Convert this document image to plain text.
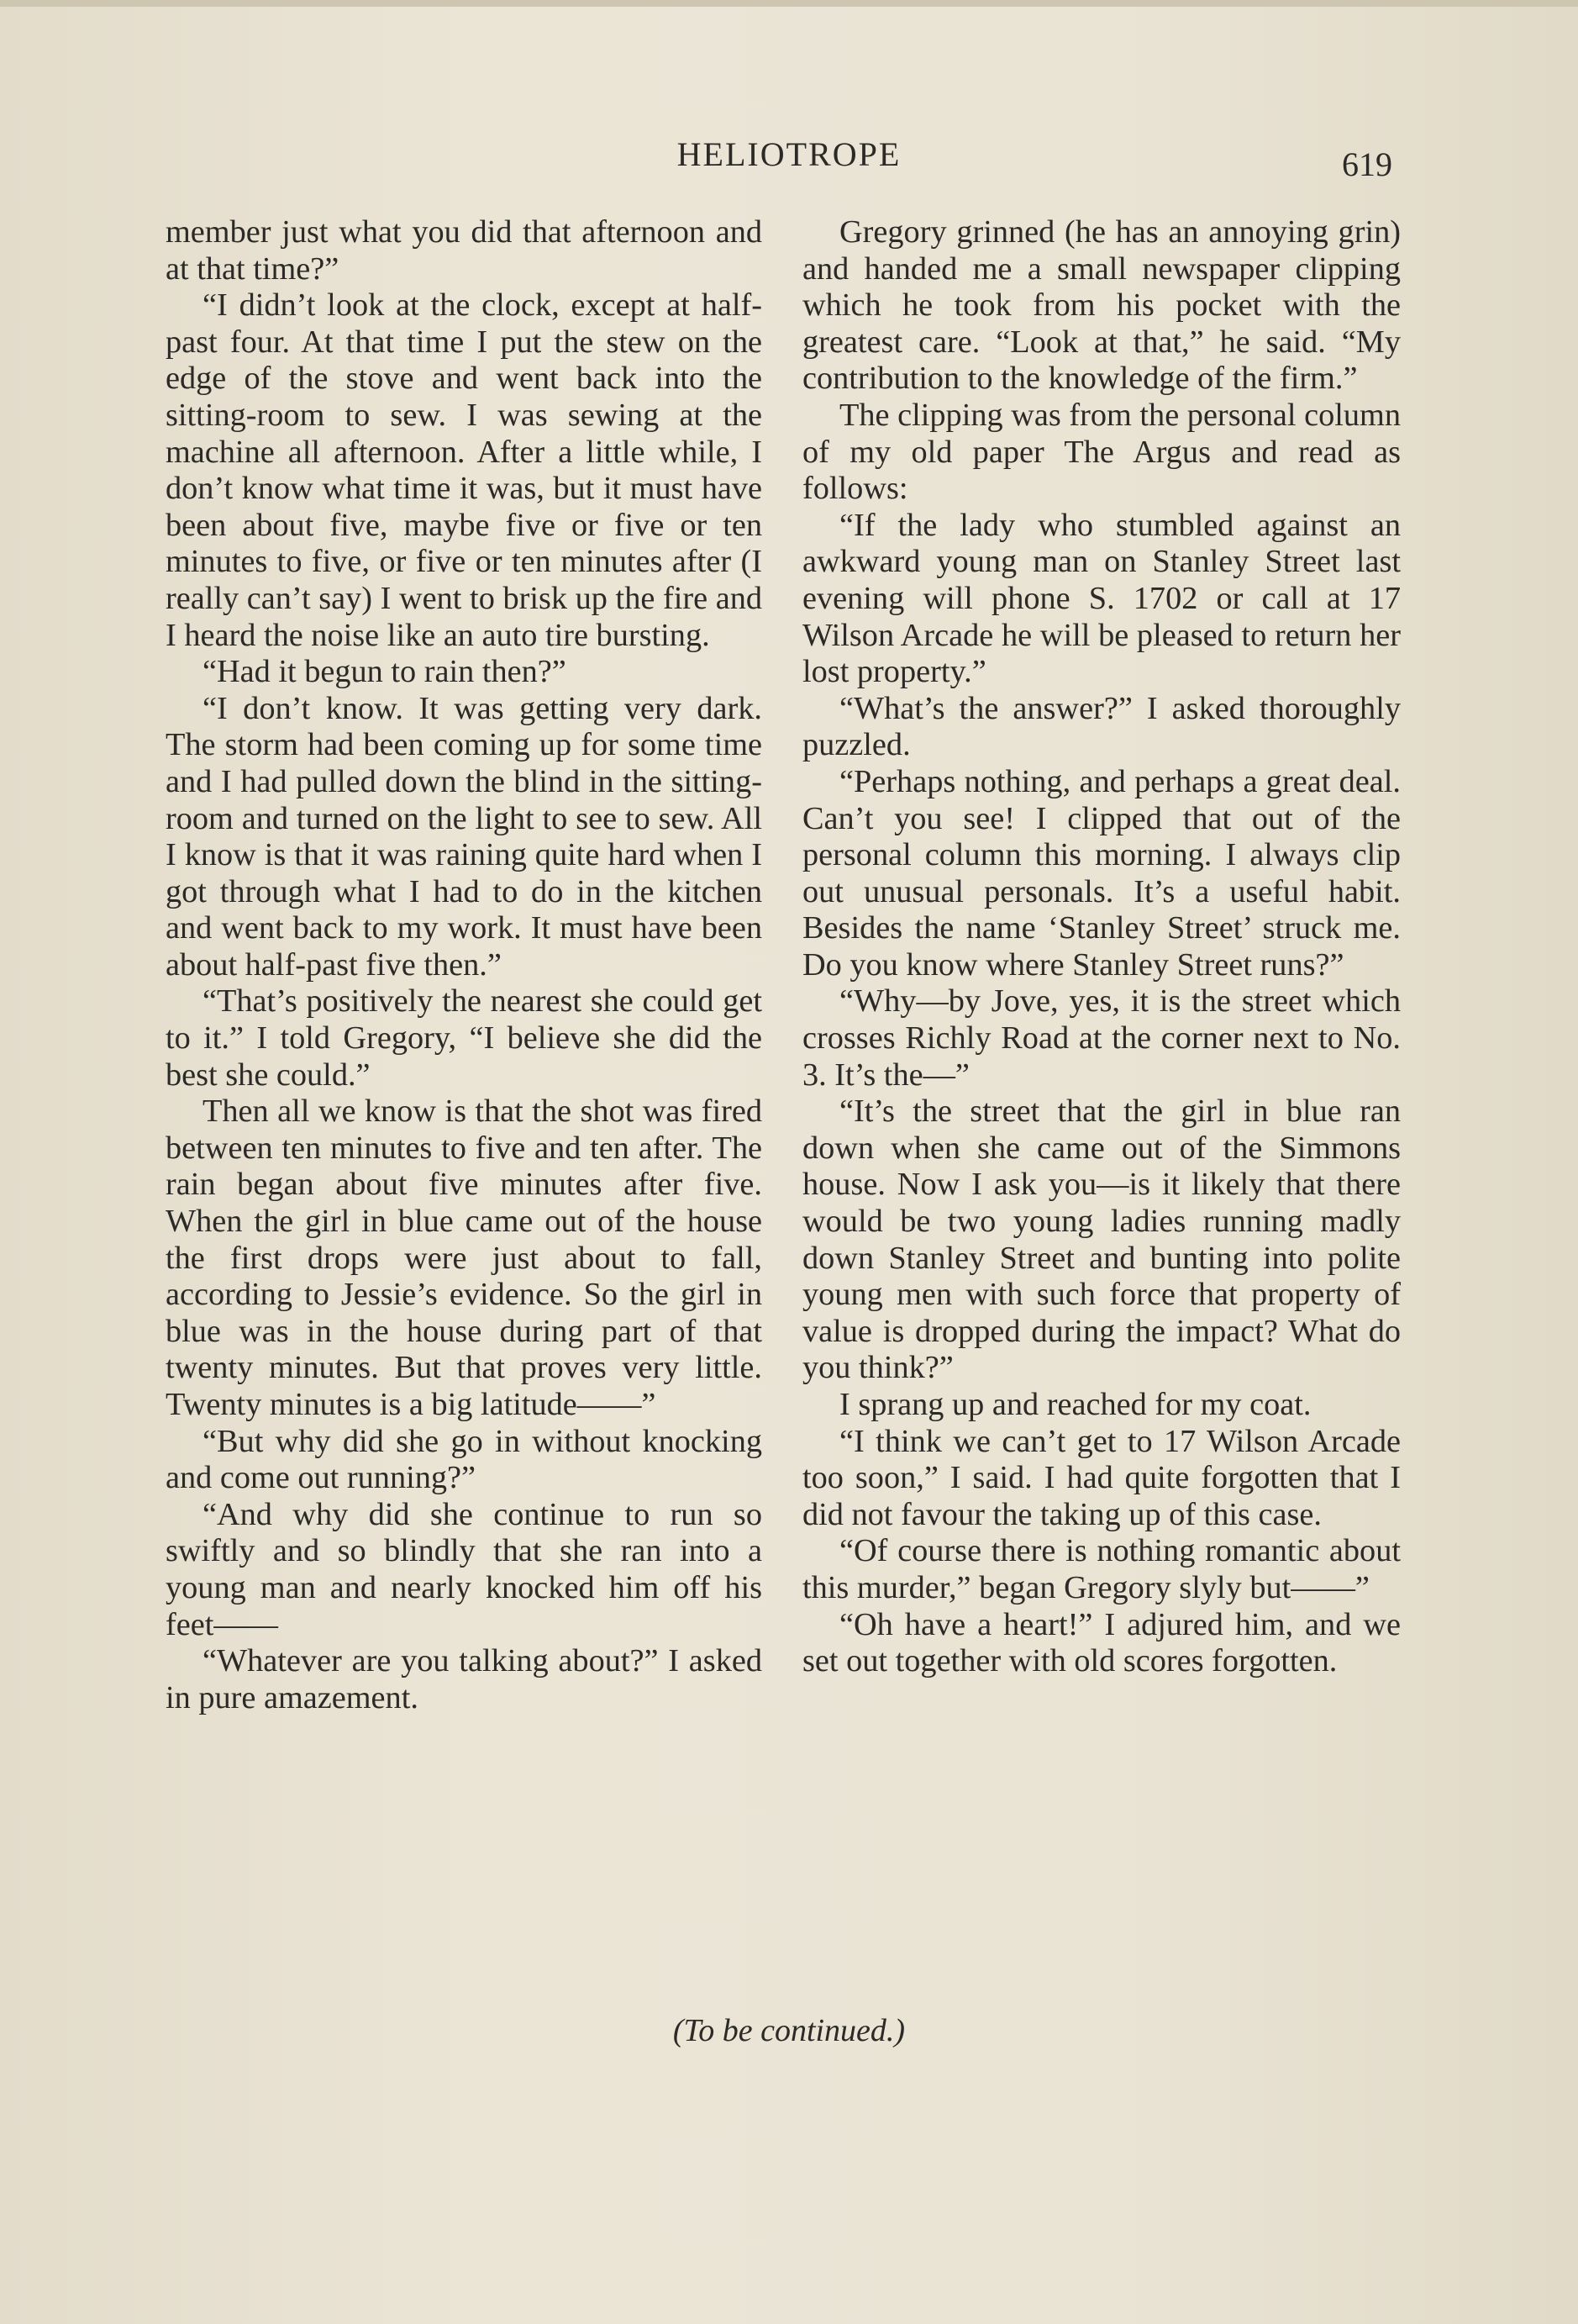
HELIOTROPE	619

member just what you did that afternoon and at that time?”

“I didn’t look at the clock, except at half-past four. At that time I put the stew on the edge of the stove and went back into the sitting-room to sew. I was sewing at the machine all afternoon. After a little while, I don’t know what time it was, but it must have been about five, maybe five or five or ten minutes to five, or five or ten minutes after (I really can’t say) I went to brisk up the fire and I heard the noise like an auto tire bursting.

“Had it begun to rain then?”

“I don’t know. It was getting very dark. The storm had been coming up for some time and I had pulled down the blind in the sitting-room and turned on the light to see to sew. All I know is that it was raining quite hard when I got through what I had to do in the kitchen and went back to my work. It must have been about half-past five then.”

“That’s positively the nearest she could get to it.” I told Gregory, “I believe she did the best she could.”

Then all we know is that the shot was fired between ten minutes to five and ten after. The rain began about five minutes after five. When the girl in blue came out of the house the first drops were just about to fall, according to Jessie’s evidence. So the girl in blue was in the house during part of that twenty minutes. But that proves very little. Twenty minutes is a big latitude——”

“But why did she go in without knocking and come out running?”

“And why did she continue to run so swiftly and so blindly that she ran into a young man and nearly knocked him off his feet——

“Whatever are you talking about?” I asked in pure amazement.

Gregory grinned (he has an annoying grin) and handed me a small newspaper clipping which he took from his pocket with the greatest care. “Look at that,” he said. “My contribution to the knowledge of the firm.”

The clipping was from the personal column of my old paper The Argus and read as follows:

“If the lady who stumbled against an awkward young man on Stanley Street last evening will phone S. 1702 or call at 17 Wilson Arcade he will be pleased to return her lost property.”

“What’s the answer?” I asked thoroughly puzzled.

“Perhaps nothing, and perhaps a great deal. Can’t you see! I clipped that out of the personal column this morning. I always clip out unusual personals. It’s a useful habit. Besides the name ‘Stanley Street’ struck me. Do you know where Stanley Street runs?”

“Why—by Jove, yes, it is the street which crosses Richly Road at the corner next to No. 3. It’s the—”

“It’s the street that the girl in blue ran down when she came out of the Simmons house. Now I ask you—is it likely that there would be two young ladies running madly down Stanley Street and bunting into polite young men with such force that property of value is dropped during the impact? What do you think?”

I sprang up and reached for my coat.

“I think we can’t get to 17 Wilson Arcade too soon,” I said. I had quite forgotten that I did not favour the taking up of this case.

“Of course there is nothing romantic about this murder,” began Gregory slyly but——”

“Oh have a heart!” I adjured him, and we set out together with old scores forgotten.

(To be continued.)
